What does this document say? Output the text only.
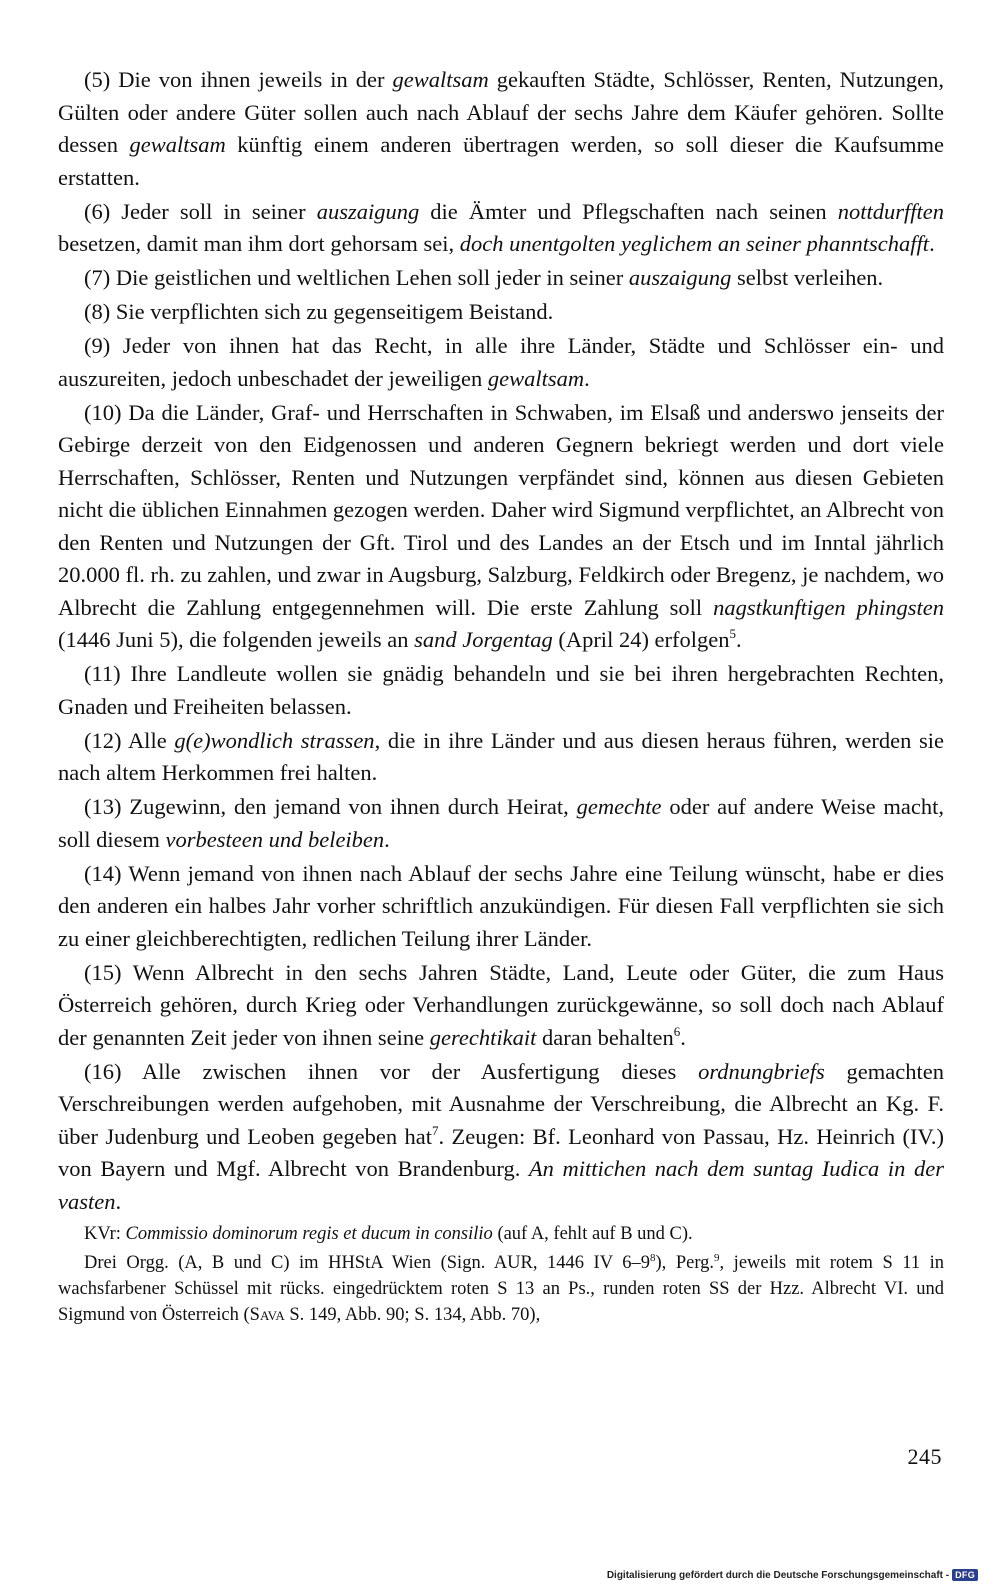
(5) Die von ihnen jeweils in der gewaltsam gekauften Städte, Schlösser, Renten, Nutzungen, Gülten oder andere Güter sollen auch nach Ablauf der sechs Jahre dem Käufer gehören. Sollte dessen gewaltsam künftig einem anderen übertragen werden, so soll dieser die Kaufsumme erstatten.

(6) Jeder soll in seiner auszaigung die Ämter und Pflegschaften nach seinen nottdurfften besetzen, damit man ihm dort gehorsam sei, doch unentgolten yeglichem an seiner phanntschafft.

(7) Die geistlichen und weltlichen Lehen soll jeder in seiner auszaigung selbst verleihen.

(8) Sie verpflichten sich zu gegenseitigem Beistand.

(9) Jeder von ihnen hat das Recht, in alle ihre Länder, Städte und Schlösser ein- und auszureiten, jedoch unbeschadet der jeweiligen gewaltsam.

(10) Da die Länder, Graf- und Herrschaften in Schwaben, im Elsaß und anderswo jenseits der Gebirge derzeit von den Eidgenossen und anderen Gegnern bekriegt werden und dort viele Herrschaften, Schlösser, Renten und Nutzungen verpfändet sind, können aus diesen Gebieten nicht die üblichen Einnahmen gezogen werden. Daher wird Sigmund verpflichtet, an Albrecht von den Renten und Nutzungen der Gft. Tirol und des Landes an der Etsch und im Inntal jährlich 20.000 fl. rh. zu zahlen, und zwar in Augsburg, Salzburg, Feldkirch oder Bregenz, je nachdem, wo Albrecht die Zahlung entgegennehmen will. Die erste Zahlung soll nagstkunftigen phingsten (1446 Juni 5), die folgenden jeweils an sand Jorgentag (April 24) erfolgen$^5$.

(11) Ihre Landleute wollen sie gnädig behandeln und sie bei ihren hergebrachten Rechten, Gnaden und Freiheiten belassen.

(12) Alle g(e)wondlich strassen, die in ihre Länder und aus diesen heraus führen, werden sie nach altem Herkommen frei halten.

(13) Zugewinn, den jemand von ihnen durch Heirat, gemechte oder auf andere Weise macht, soll diesem vorbesteen und beleiben.

(14) Wenn jemand von ihnen nach Ablauf der sechs Jahre eine Teilung wünscht, habe er dies den anderen ein halbes Jahr vorher schriftlich anzukündigen. Für diesen Fall verpflichten sie sich zu einer gleichberechtigten, redlichen Teilung ihrer Länder.

(15) Wenn Albrecht in den sechs Jahren Städte, Land, Leute oder Güter, die zum Haus Österreich gehören, durch Krieg oder Verhandlungen zurückgewänne, so soll doch nach Ablauf der genannten Zeit jeder von ihnen seine gerechtikait daran behalten$^6$.

(16) Alle zwischen ihnen vor der Ausfertigung dieses ordnungbriefs gemachten Verschreibungen werden aufgehoben, mit Ausnahme der Verschreibung, die Albrecht an Kg. F. über Judenburg und Leoben gegeben hat$^7$. Zeugen: Bf. Leonhard von Passau, Hz. Heinrich (IV.) von Bayern und Mgf. Albrecht von Brandenburg. An mittichen nach dem suntag Iudica in der vasten.

KVr: Commissio dominorum regis et ducum in consilio (auf A, fehlt auf B und C).

Drei Orgg. (A, B und C) im HHStA Wien (Sign. AUR, 1446 IV $6-9^8$), Perg.$^9$, jeweils mit rotem S 11 in wachsfarbener Schüssel mit rücks. eingedrücktem roten S 13 an Ps., runden roten SS der Hzz. Albrecht VI. und Sigmund von Österreich (Sava S. 149, Abb. 90; S. 134, Abb. 70),

245
Digitalisierung gefördert durch die Deutsche Forschungsgemeinschaft - DFG
